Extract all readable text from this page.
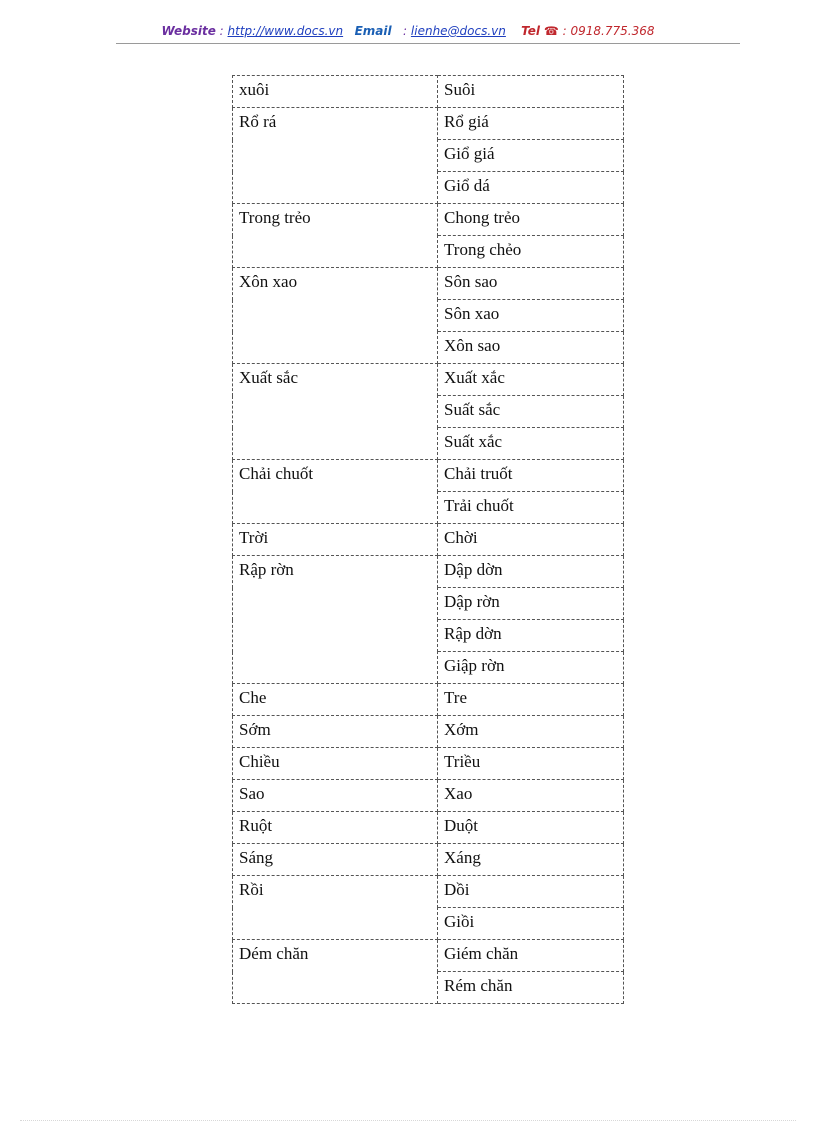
Website : http://www.docs.vn Email   : lienhe@docs.vn Tel ☎ : 0918.775.368
xuôi	Suôi
Rổ rá	Rổ giá
	Giổ giá
	Giổ dá
Trong trẻo	Chong trẻo
	Trong chẻo
Xôn xao	Sôn sao
	Sôn xao
	Xôn sao
Xuất sắc	Xuất xắc
	Suất sắc
	Suất xắc
Chải chuốt	Chải truốt
	Trải chuốt
Trời	Chời
Rập rờn	Dập dờn
	Dập rờn
	Rập dờn
	Giập rờn
Che	Tre
Sớm	Xớm
Chiều	Triều
Sao	Xao
Ruột	Duột
Sáng	Xáng
Rồi	Dồi
	Giồi
Dém chăn	Giém chăn
	Rém chăn
